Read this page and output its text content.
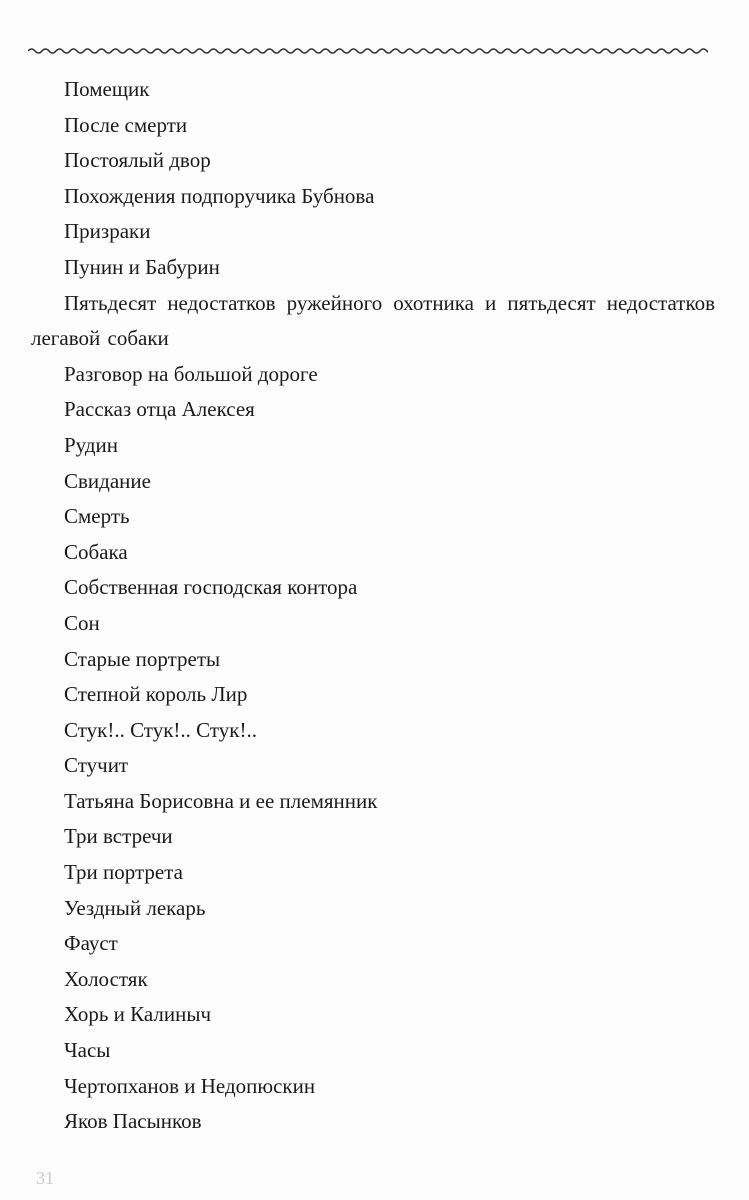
Помещик
После смерти
Постоялый двор
Похождения подпоручика Бубнова
Призраки
Пунин и Бабурин
Пятьдесят недостатков ружейного охотника и пятьдесят недостатков легавой собаки
Разговор на большой дороге
Рассказ отца Алексея
Рудин
Свидание
Смерть
Собака
Собственная господская контора
Сон
Старые портреты
Степной король Лир
Стук!.. Стук!.. Стук!..
Стучит
Татьяна Борисовна и ее племянник
Три встречи
Три портрета
Уездный лекарь
Фауст
Холостяк
Хорь и Калиныч
Часы
Чертопханов и Недопюскин
Яков Пасынков
31
